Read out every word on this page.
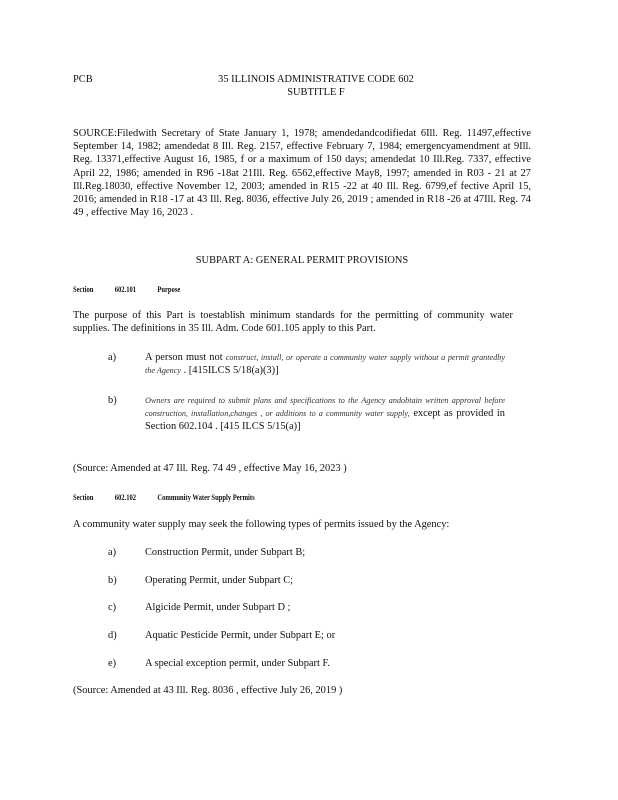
PCB	35 ILLINOIS ADMINISTRATIVE CODE 602
SUBTITLE F
SOURCE:Filedwith Secretary of State January 1, 1978; amendedandcodifiedat 6Ill. Reg. 11497,effective September 14, 1982; amendedat 8 Ill. Reg. 2157, effective February 7, 1984; emergencyamendment at 9Ill. Reg. 13371,effective August 16, 1985, f or a maximum of 150 days; amendedat 10 Ill.Reg. 7337, effective April 22, 1986; amended in R96 -18at 21Ill. Reg. 6562,effective May8, 1997; amended in R03 - 21 at 27 Ill.Reg.18030, effective November 12, 2003; amended in R15 -22 at 40 Ill. Reg. 6799,ef fective April 15, 2016; amended in R18 -17 at 43 Ill. Reg. 8036, effective July 26, 2019 ; amended in R18 -26 at 47Ill. Reg. 74 49 , effective May 16, 2023 .
SUBPART A: GENERAL PERMIT PROVISIONS
Section	602.101	Purpose
The purpose of this Part is toestablish minimum standards for the permitting of community water supplies. The definitions in 35 Ill. Adm. Code 601.105 apply to this Part.
a)	A person must not construct, install, or operate a community water supply without a permit grantedby the Agency . [415ILCS 5/18(a)(3)]
b)	Owners are required to submit plans and specifications to the Agency andobtain written approval before construction, installation,changes , or additions to a community water supply, except as provided in Section 602.104 . [415 ILCS 5/15(a)]
(Source: Amended at 47 Ill. Reg. 74 49 , effective May 16, 2023 )
Section	602.102	Community Water Supply Permits
A community water supply may seek the following types of permits issued by the Agency:
a)	Construction Permit, under Subpart B;
b)	Operating Permit, under Subpart C;
c)	Algicide Permit, under Subpart D ;
d)	Aquatic Pesticide Permit, under Subpart E; or
e)	A special exception permit, under Subpart F.
(Source: Amended at 43 Ill. Reg. 8036 , effective July 26, 2019 )
